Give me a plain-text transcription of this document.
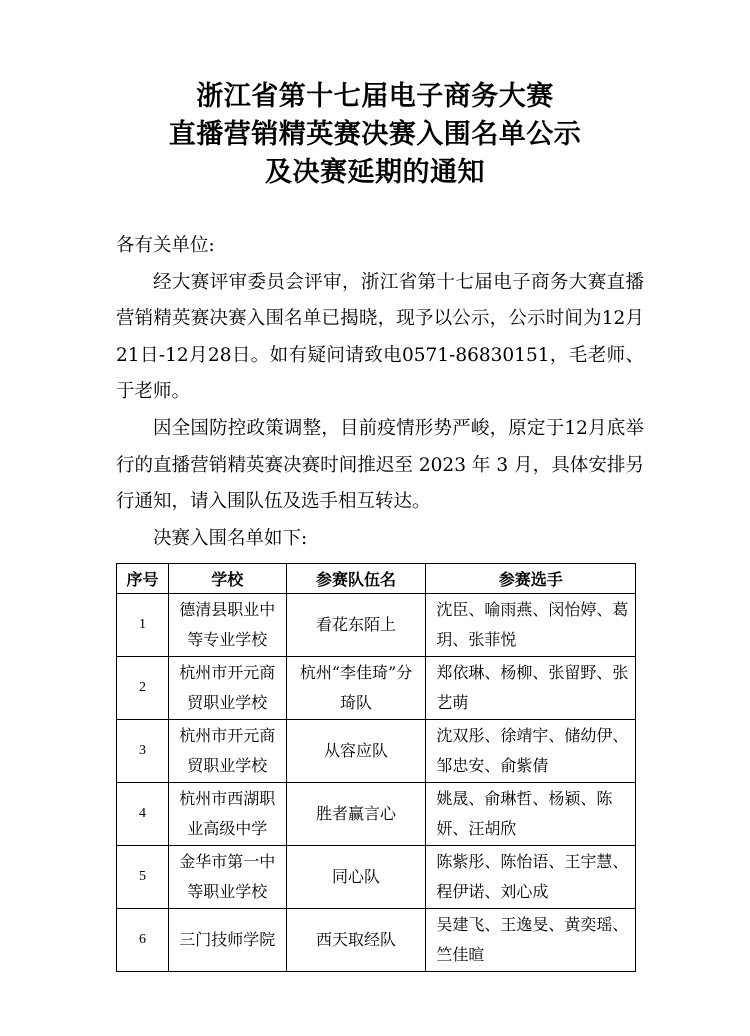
浙江省第十七届电子商务大赛
直播营销精英赛决赛入围名单公示
及决赛延期的通知

各有关单位:

经大赛评审委员会评审，浙江省第十七届电子商务大赛直播营销精英赛决赛入围名单已揭晓，现予以公示，公示时间为12月21日-12月28日。如有疑问请致电0571-86830151，毛老师、于老师。

因全国防控政策调整，目前疫情形势严峻，原定于12月底举行的直播营销精英赛决赛时间推迟至 2023 年 3 月，具体安排另行通知，请入围队伍及选手相互转达。

决赛入围名单如下:

序号	学校	参赛队伍名	参赛选手
1	德清县职业中等专业学校	看花东陌上	沈臣、喻雨燕、闵怡婷、葛玥、张菲悦
2	杭州市开元商贸职业学校	杭州“李佳琦”分琦队	郑依琳、杨柳、张留野、张艺萌
3	杭州市开元商贸职业学校	从容应队	沈双彤、徐靖宇、储幼伊、邹忠安、俞紫倩
4	杭州市西湖职业高级中学	胜者赢言心	姚晟、俞琳哲、杨颖、陈妍、汪胡欣
5	金华市第一中等职业学校	同心队	陈紫彤、陈怡语、王宇慧、程伊诺、刘心成
6	三门技师学院	西天取经队	吴建飞、王逸旻、黄奕瑶、竺佳暄
